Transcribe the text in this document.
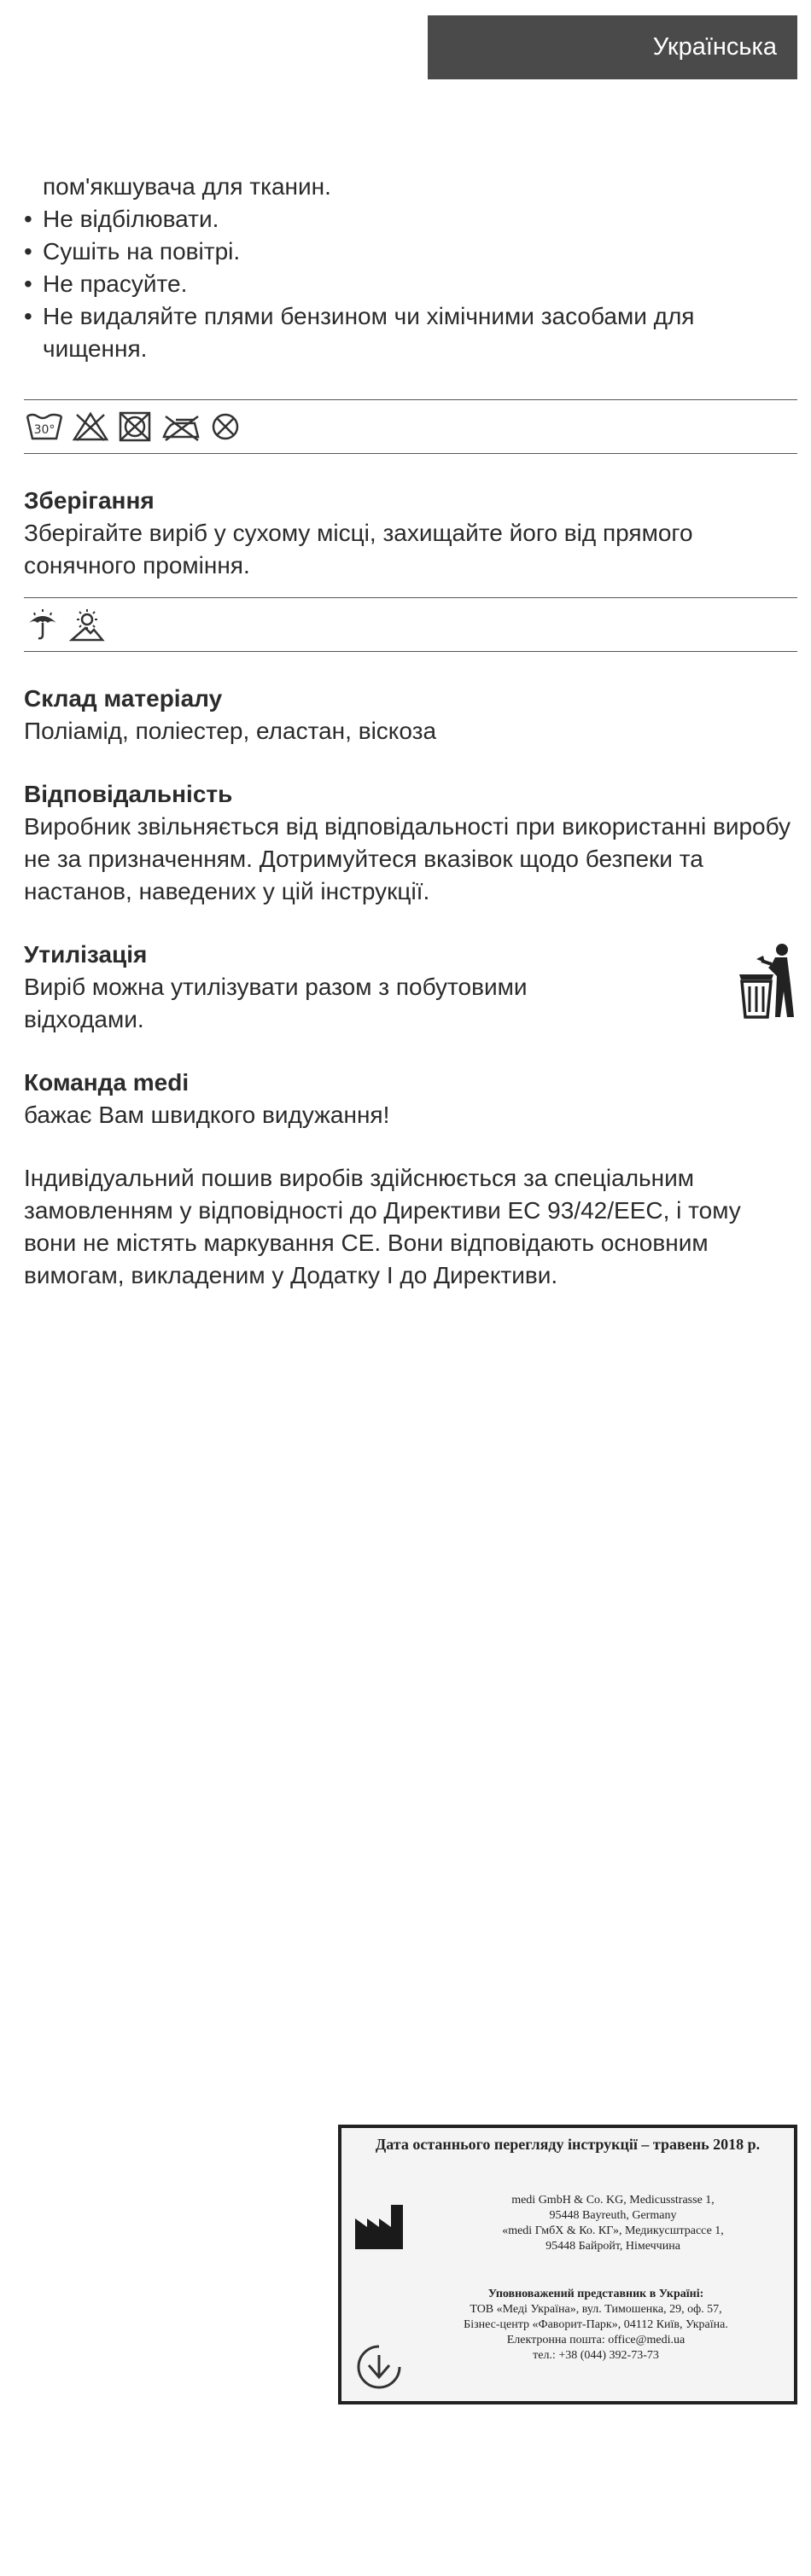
Українська
пом'якшувача для тканин.
• Не відбілювати.
• Сушіть на повітрі.
• Не прасуйте.
• Не видаляйте плями бензином чи хімічними засобами для
чищення.
30°

Зберігання

Зберігайте виріб у сухому місці, захищайте його від прямого сонячного проміння.

Склад матеріалу

Поліамід, поліестер, еластан, віскоза

Відповідальність

Виробник звільняється від відповідальності при використанні виробу не за призначенням. Дотримуйтеся вказівок щодо безпеки та настанов, наведених у цій інструкції.

Утилізація

Виріб можна утилізувати разом з побутовими відходами.

Команда medi

бажає Вам швидкого видужання!

Індивідуальний пошив виробів здійснюється за спеціальним замовленням у відповідності до Директиви ЕС 93/42/EEC, і тому вони не містять маркування СЕ. Вони відповідають основним вимогам, викладеним у Додатку І до Директиви.

Дата останнього перегляду інструкції – травень 2018 р.
medi GmbH & Co. KG, Medicusstrasse 1,
95448 Bayreuth, Germany
«medi ГмбХ & Ко. КГ», Медикусштрассе 1,
95448 Байройт, Німеччина
Уповноважений представник в Україні:
ТОВ «Меді Україна», вул. Тимошенка, 29, оф. 57,
Бізнес-центр «Фаворит-Парк», 04112 Київ, Україна.
Електронна пошта: office@medi.ua
тел.: +38 (044) 392-73-73
